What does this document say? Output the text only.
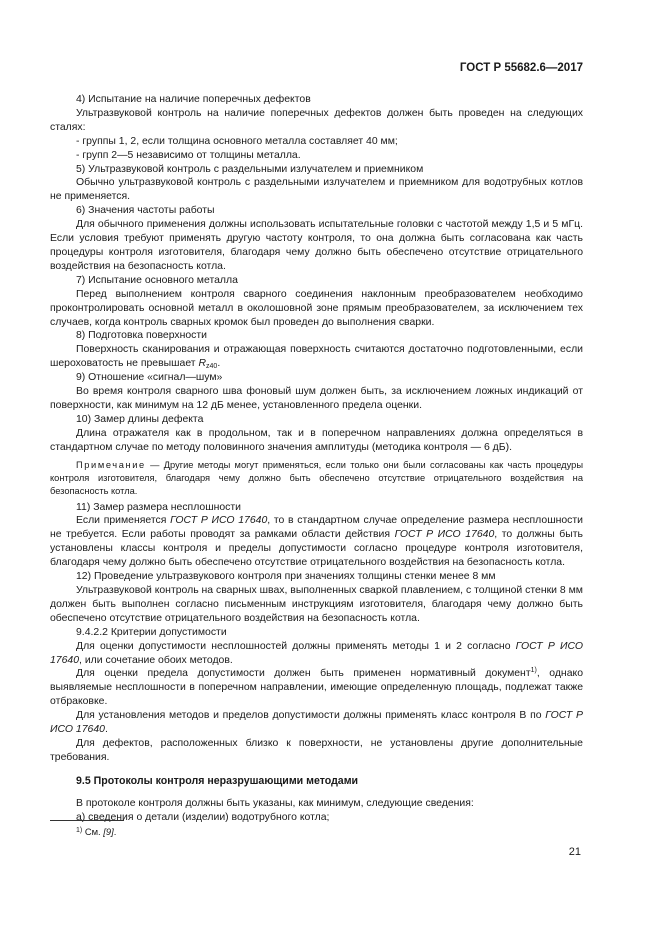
ГОСТ Р 55682.6—2017

4) Испытание на наличие поперечных дефектов

Ультразвуковой контроль на наличие поперечных дефектов должен быть проведен на следующих сталях:

- группы 1, 2, если толщина основного металла составляет 40 мм;

- групп 2—5 независимо от толщины металла.

5) Ультразвуковой контроль с раздельными излучателем и приемником

Обычно ультразвуковой контроль с раздельными излучателем и приемником для водотрубных котлов не применяется.

6) Значения частоты работы

Для обычного применения должны использовать испытательные головки с частотой между 1,5 и 5 мГц. Если условия требуют применять другую частоту контроля, то она должна быть согласована как часть процедуры контроля изготовителя, благодаря чему должно быть обеспечено отсутствие отрицательного воздействия на безопасность котла.

7) Испытание основного металла

Перед выполнением контроля сварного соединения наклонным преобразователем необходимо проконтролировать основной металл в околошовной зоне прямым преобразователем, за исключением тех случаев, когда контроль сварных кромок был проведен до выполнения сварки.

8) Подготовка поверхности

Поверхность сканирования и отражающая поверхность считаются достаточно подготовленными, если шероховатость не превышает $R_{z40}$.

9) Отношение «сигнал—шум»

Во время контроля сварного шва фоновый шум должен быть, за исключением ложных индикаций от поверхности, как минимум на 12 дБ менее, установленного предела оценки.

10) Замер длины дефекта

Длина отражателя как в продольном, так и в поперечном направлениях должна определяться в стандартном случае по методу половинного значения амплитуды (методика контроля — 6 дБ).

Примечание — Другие методы могут применяться, если только они были согласованы как часть процедуры контроля изготовителя, благодаря чему должно быть обеспечено отсутствие отрицательного воздействия на безопасность котла.

11) Замер размера несплошности

Если применяется ГОСТ Р ИСО 17640, то в стандартном случае определение размера несплошности не требуется. Если работы проводят за рамками области действия ГОСТ Р ИСО 17640, то должны быть установлены классы контроля и пределы допустимости согласно процедуре контроля изготовителя, благодаря чему должно быть обеспечено отсутствие отрицательного воздействия на безопасность котла.

12) Проведение ультразвукового контроля при значениях толщины стенки менее 8 мм

Ультразвуковой контроль на сварных швах, выполненных сваркой плавлением, с толщиной стенки 8 мм должен быть выполнен согласно письменным инструкциям изготовителя, благодаря чему должно быть обеспечено отсутствие отрицательного воздействия на безопасность котла.

9.4.2.2 Критерии допустимости

Для оценки допустимости несплошностей должны применять методы 1 и 2 согласно ГОСТ Р ИСО 17640, или сочетание обоих методов.

Для оценки предела допустимости должен быть применен нормативный документ$^{1)}$, однако выявляемые несплошности в поперечном направлении, имеющие определенную площадь, подлежат также отбраковке.

Для установления методов и пределов допустимости должны применять класс контроля В по ГОСТ Р ИСО 17640.

Для дефектов, расположенных близко к поверхности, не установлены другие дополнительные требования.

9.5 Протоколы контроля неразрушающими методами

В протоколе контроля должны быть указаны, как минимум, следующие сведения:

а) сведения о детали (изделии) водотрубного котла;

$^{1)}$ См. [9].
21
